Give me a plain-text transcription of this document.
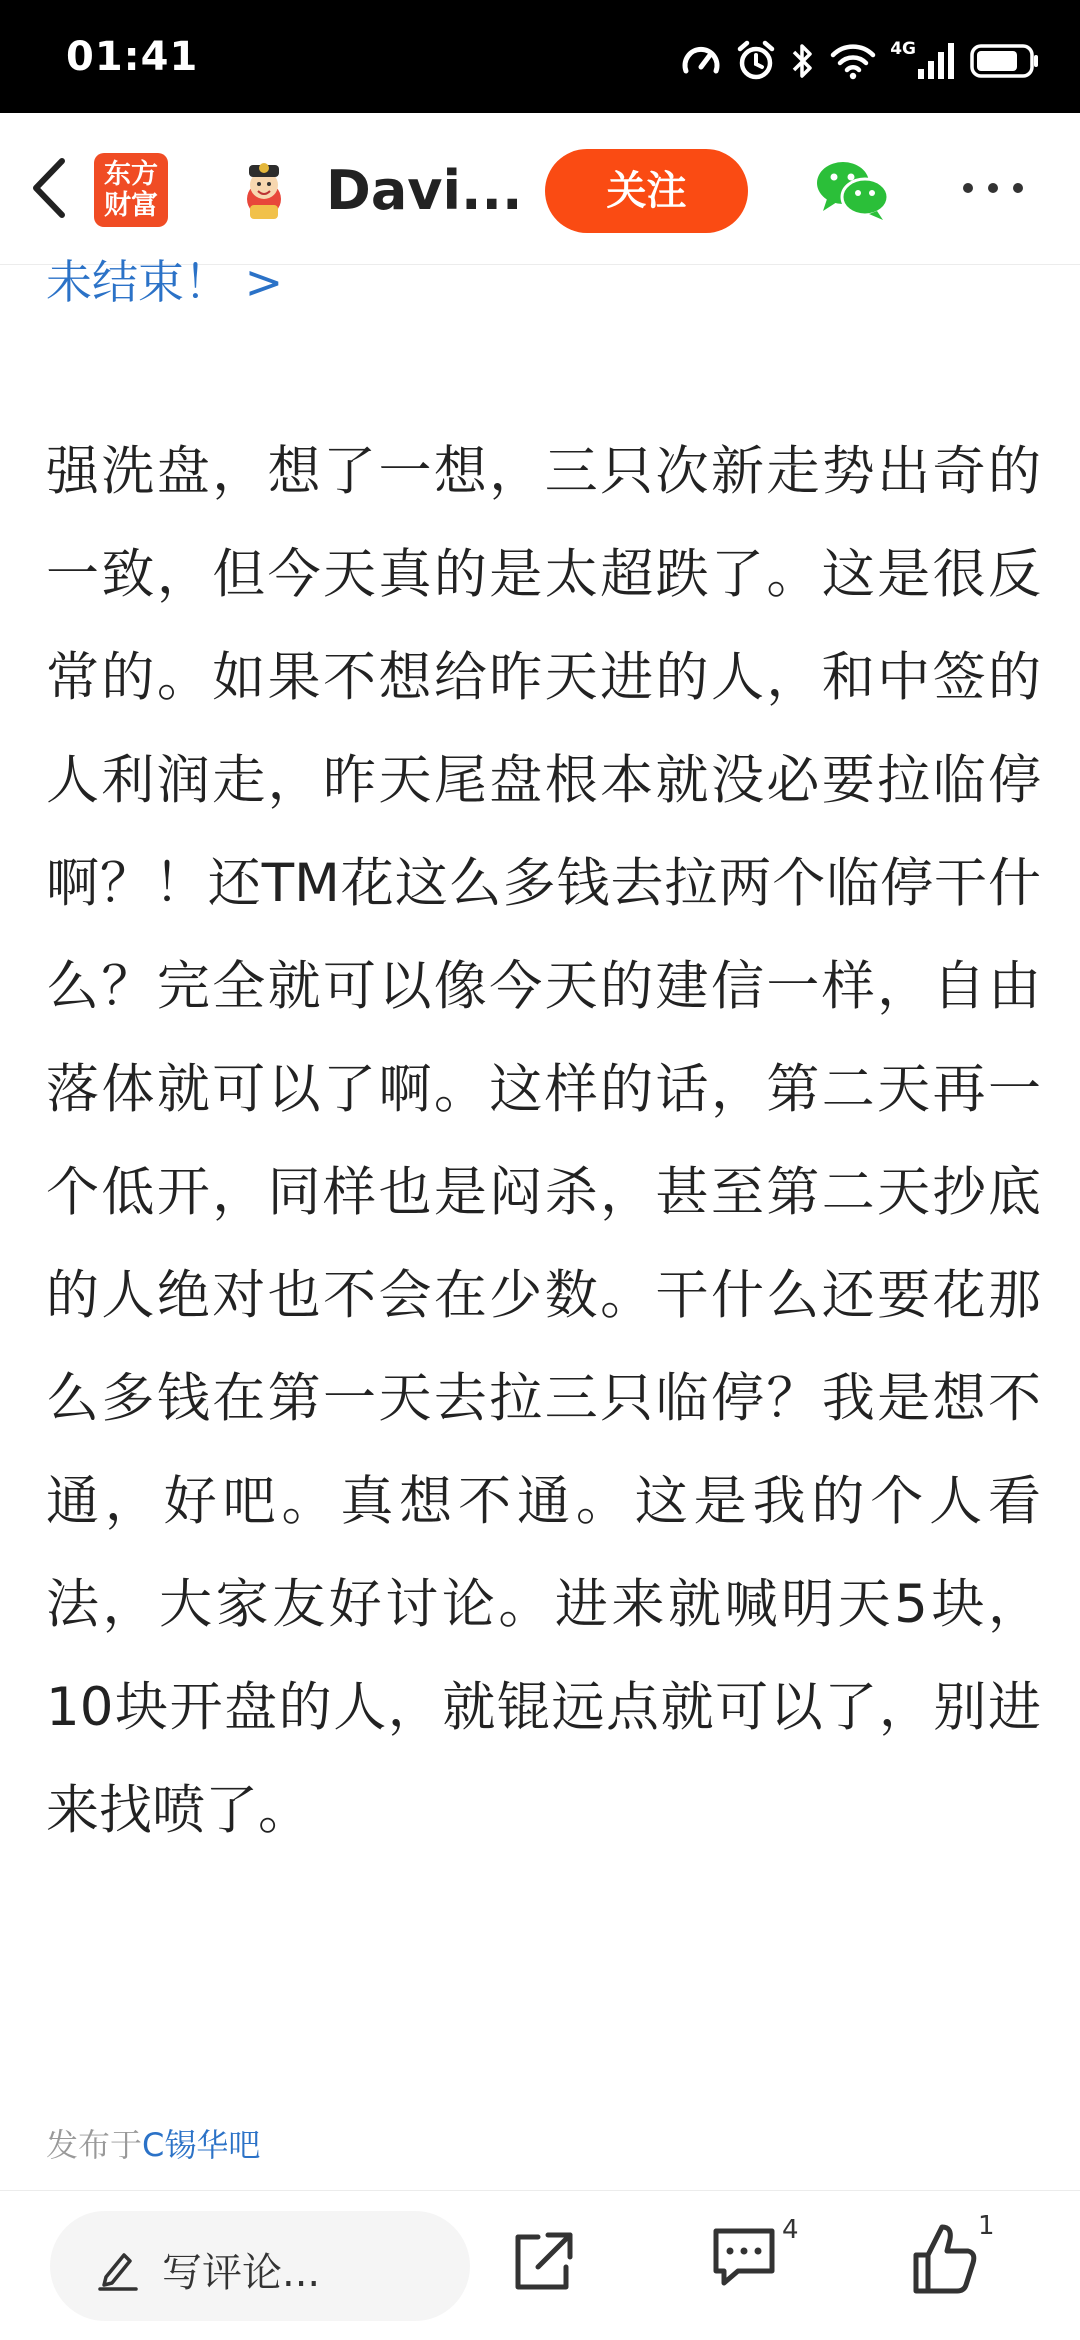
01:41	4G
东方财富	Davi...	关注
未结束！ >
强洗盘，想了一想，三只次新走势出奇的一致，但今天真的是太超跌了。这是很反常的。如果不想给昨天进的人，和中签的人利润走，昨天尾盘根本就没必要拉临停啊？！还TM花这么多钱去拉两个临停干什么？完全就可以像今天的建信一样，自由落体就可以了啊。这样的话，第二天再一个低开，同样也是闷杀，甚至第二天抄底的人绝对也不会在少数。干什么还要花那么多钱在第一天去拉三只临停？我是想不通，好吧。真想不通。这是我的个人看法，大家友好讨论。进来就喊明天5块，10块开盘的人，就锟远点就可以了，别进来找喷了。
发布于C锡华吧
写评论...
4	1
